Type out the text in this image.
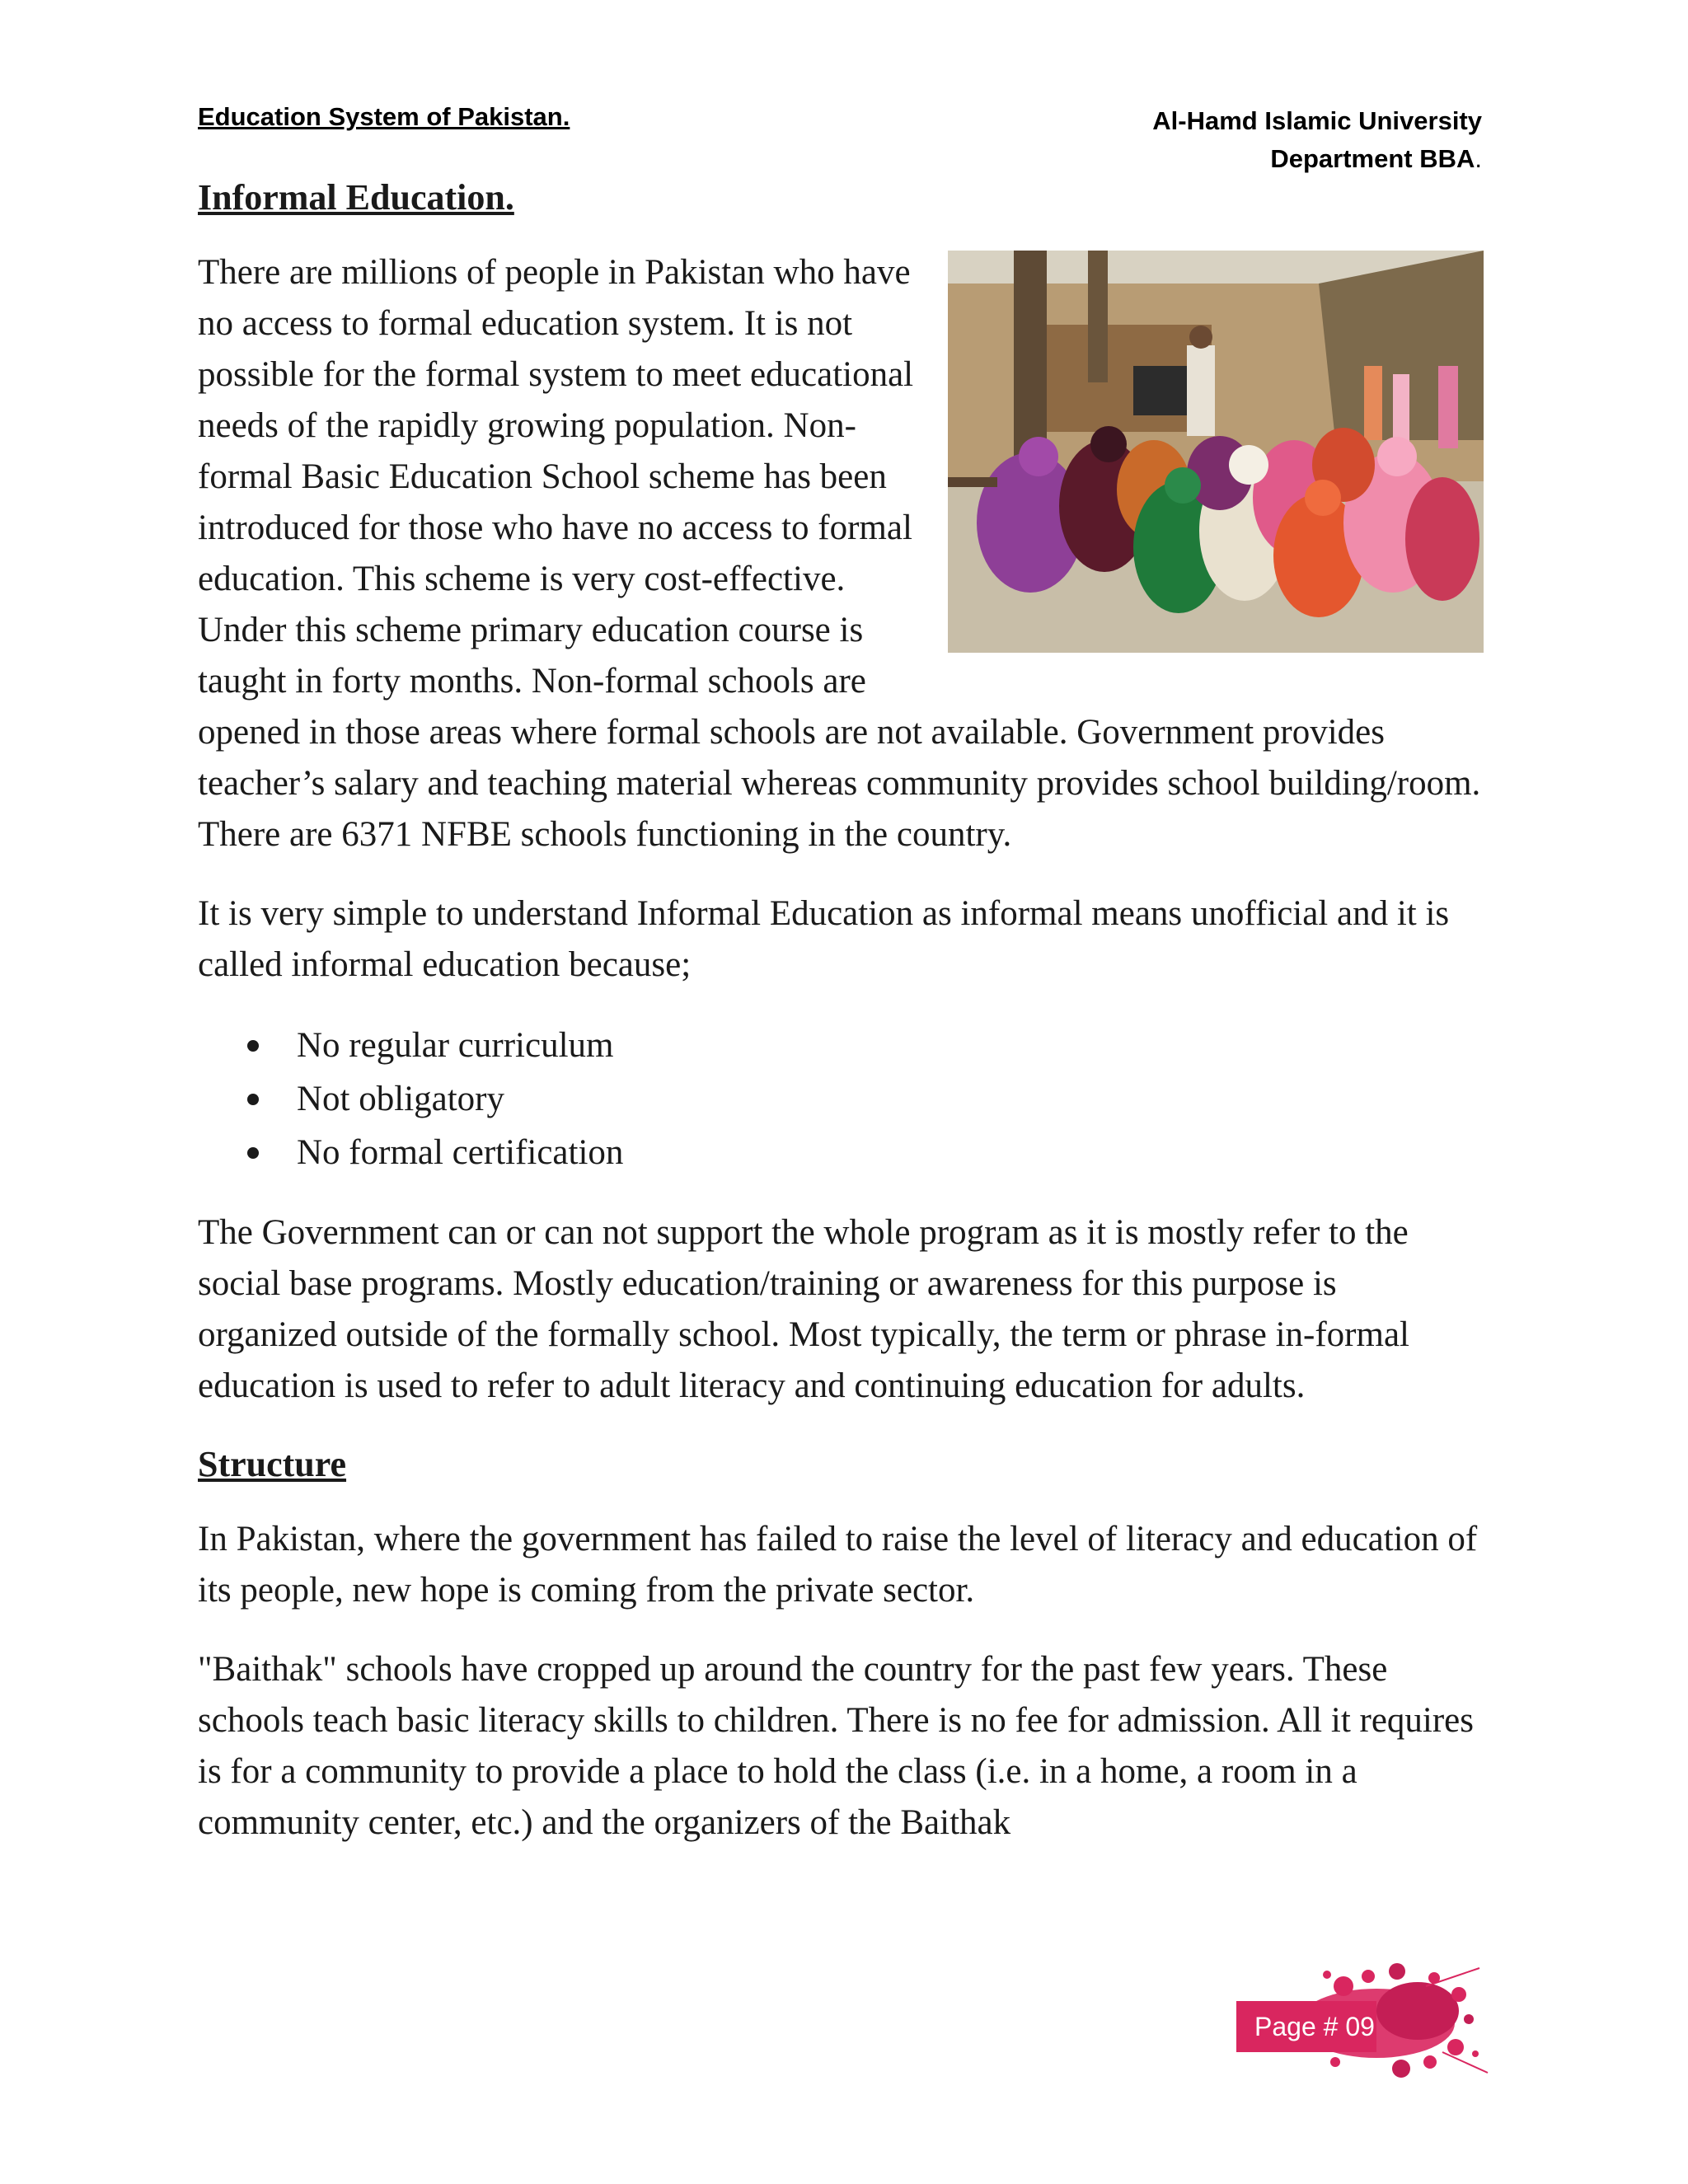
Education System of Pakistan.	Al-Hamd Islamic University
Department BBA.
Informal Education.

There are millions of people in Pakistan who have no access to formal education system. It is not possible for the formal system to meet educational needs of the rapidly growing population. Non-formal Basic Education School scheme has been introduced for those who have no access to formal education. This scheme is very cost-effective. Under this scheme primary education course is taught in forty months. Non-formal schools are opened in those areas where formal schools are not available. Government provides teacher’s salary and teaching material whereas community provides school building/room. There are 6371 NFBE schools functioning in the country.

It is very simple to understand Informal Education as informal means unofficial and it is called informal education because;

No regular curriculum
Not obligatory
No formal certification

The Government can or can not support the whole program as it is mostly refer to the social base programs. Mostly education/training or awareness for this purpose is organized outside of the formally school. Most typically, the term or phrase in-formal education is used to refer to adult literacy and continuing education for adults.

Structure

In Pakistan, where the government has failed to raise the level of literacy and education of its people, new hope is coming from the private sector.

"Baithak" schools have cropped up around the country for the past few years. These schools teach basic literacy skills to children. There is no fee for admission. All it requires is for a community to provide a place to hold the class (i.e. in a home, a room in a community center, etc.) and the organizers of the Baithak

Page # 09
